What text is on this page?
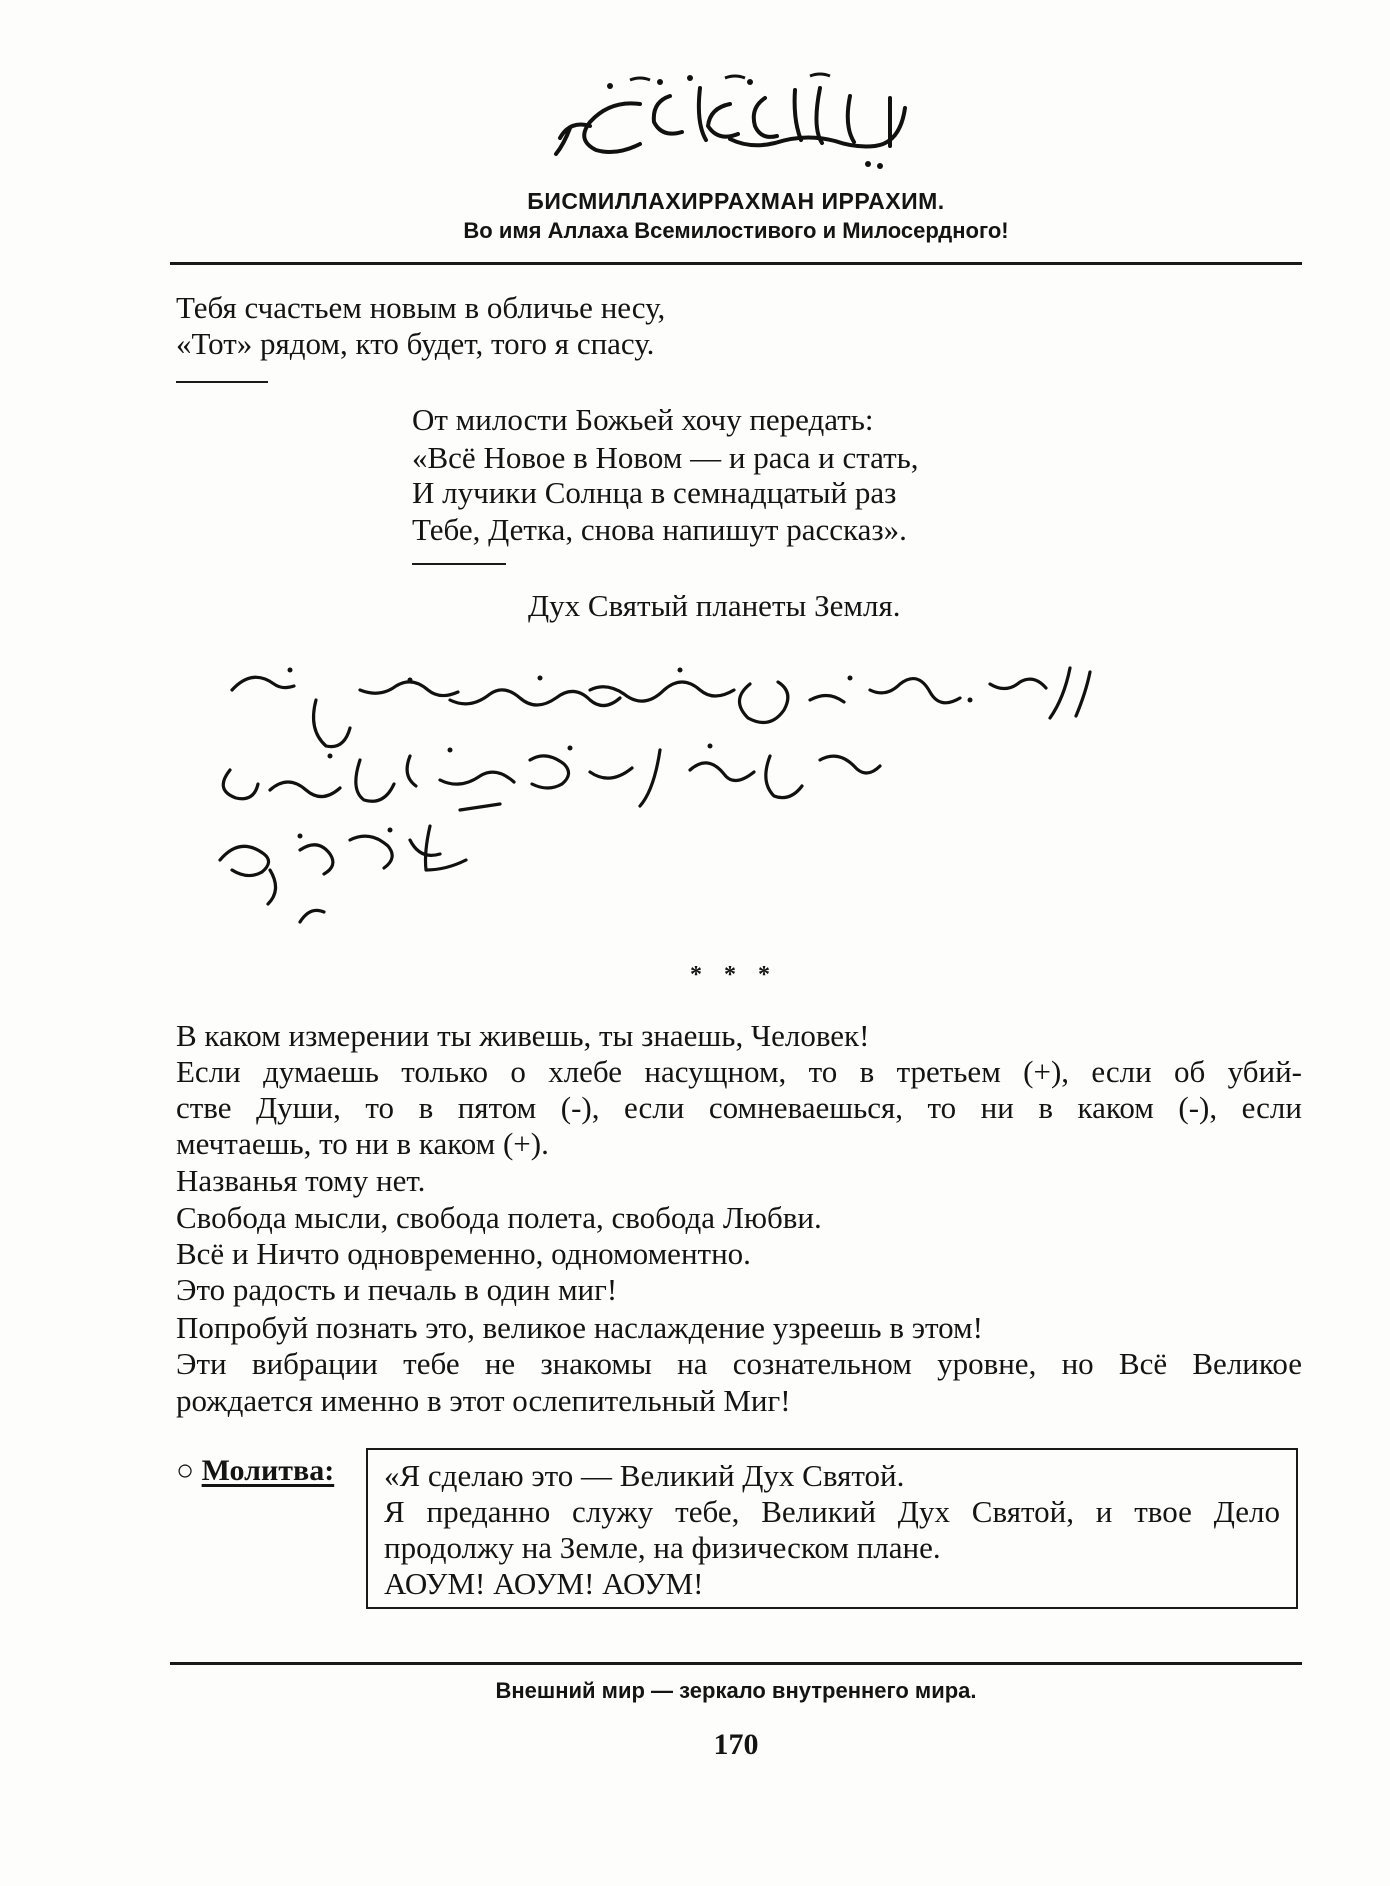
БИСМИЛЛАХИРРАХМАН ИРРАХИМ.
Во имя Аллаха Всемилостивого и Милосердного!
Тебя счастьем новым в обличье несу,
«Тот» рядом, кто будет, того я спасу.
От милости Божьей хочу передать:
«Всё Новое в Новом — и раса и стать,
И лучики Солнца в семнадцатый раз
Тебе, Детка, снова напишут рассказ».
Дух Святый планеты Земля.
* * *
В каком измерении ты живешь, ты знаешь, Человек!
Если думаешь только о хлебе насущном, то в третьем (+), если об убий-
стве Души, то в пятом (-), если сомневаешься, то ни в каком (-), если
мечтаешь, то ни в каком (+).
Названья тому нет.
Свобода мысли, свобода полета, свобода Любви.
Всё и Ничто одновременно, одномоментно.
Это радость и печаль в один миг!
Попробуй познать это, великое наслаждение узреешь в этом!
Эти вибрации тебе не знакомы на сознательном уровне, но Всё Великое
рождается именно в этот ослепительный Миг!
○ Молитва: «Я сделаю это — Великий Дух Святой.
Я преданно служу тебе, Великий Дух Святой, и твое Дело
продолжу на Земле, на физическом плане.
АОУМ! АОУМ! АОУМ!
Внешний мир — зеркало внутреннего мира.
170
